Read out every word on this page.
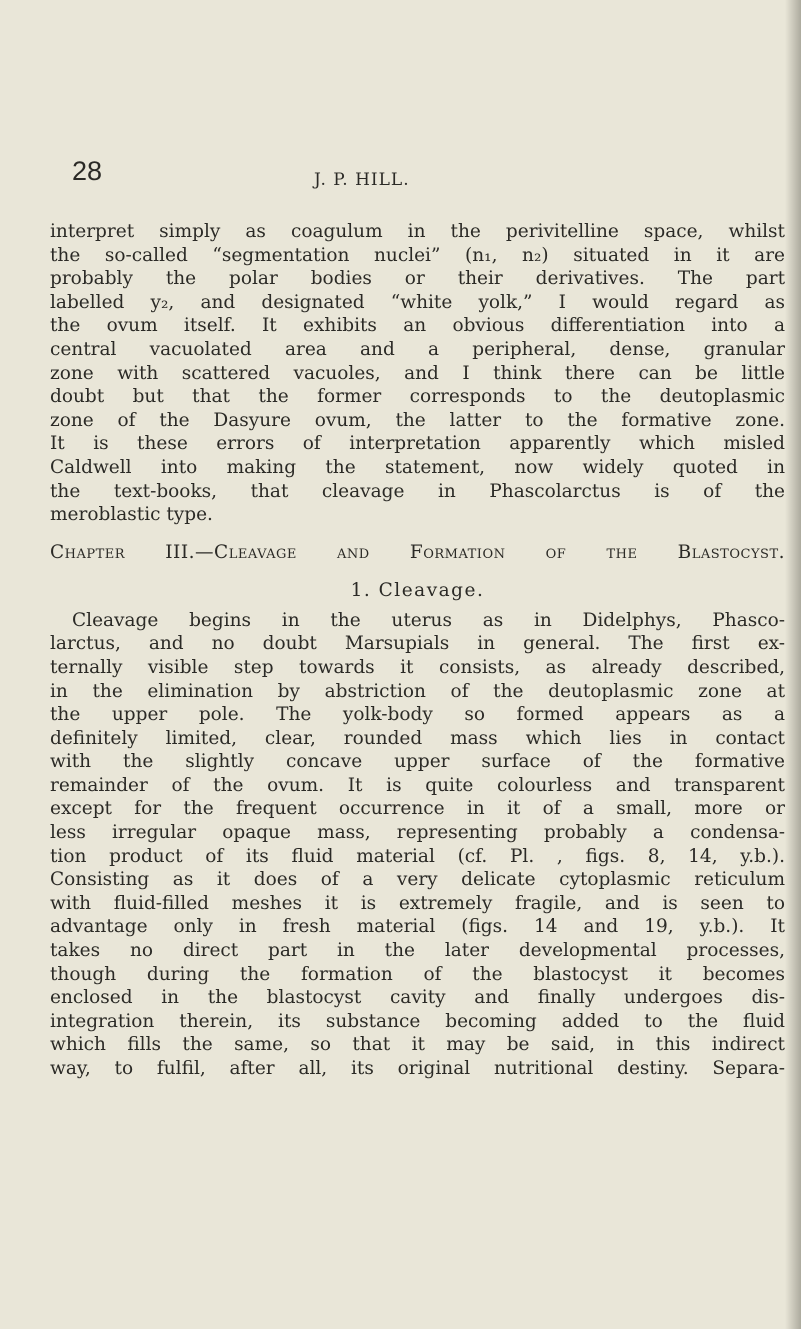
28	J. P. HILL.
interpret simply as coagulum in the perivitelline space, whilst
the so-called “segmentation nuclei” (n₁, n₂) situated in it are
probably the polar bodies or their derivatives. The part
labelled y₂, and designated “white yolk,” I would regard as
the ovum itself. It exhibits an obvious differentiation into a
central vacuolated area and a peripheral, dense, granular
zone with scattered vacuoles, and I think there can be little
doubt but that the former corresponds to the deutoplasmic
zone of the Dasyure ovum, the latter to the formative zone.
It is these errors of interpretation apparently which misled
Caldwell into making the statement, now widely quoted in
the text-books, that cleavage in Phascolarctus is of the
meroblastic type.
Chapter III.—Cleavage and Formation of the Blastocyst.
1. Cleavage.
Cleavage begins in the uterus as in Didelphys, Phasco-
larctus, and no doubt Marsupials in general. The first ex-
ternally visible step towards it consists, as already described,
in the elimination by abstriction of the deutoplasmic zone at
the upper pole. The yolk-body so formed appears as a
definitely limited, clear, rounded mass which lies in contact
with the slightly concave upper surface of the formative
remainder of the ovum. It is quite colourless and transparent
except for the frequent occurrence in it of a small, more or
less irregular opaque mass, representing probably a condensa-
tion product of its fluid material (cf. Pl. , figs. 8, 14, y.b.).
Consisting as it does of a very delicate cytoplasmic reticulum
with fluid-filled meshes it is extremely fragile, and is seen to
advantage only in fresh material (figs. 14 and 19, y.b.). It
takes no direct part in the later developmental processes,
though during the formation of the blastocyst it becomes
enclosed in the blastocyst cavity and finally undergoes dis-
integration therein, its substance becoming added to the fluid
which fills the same, so that it may be said, in this indirect
way, to fulfil, after all, its original nutritional destiny. Separa-
